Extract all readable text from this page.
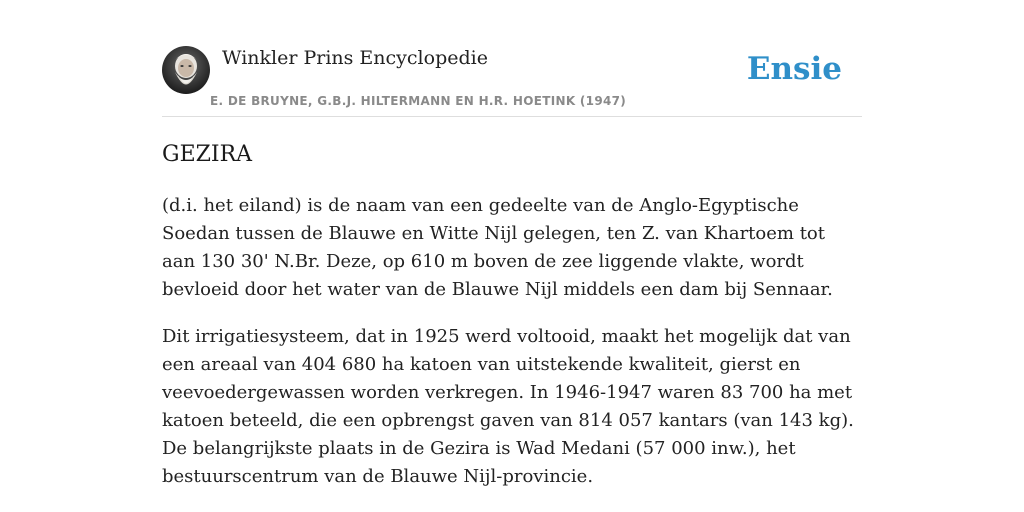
Winkler Prins Encyclopedie
E. DE BRUYNE, G.B.J. HILTERMANN EN H.R. HOETINK (1947)
Ensie
GEZIRA

(d.i. het eiland) is de naam van een gedeelte van de Anglo-Egyptische Soedan tussen de Blauwe en Witte Nijl gelegen, ten Z. van Khartoem tot aan 130 30' N.Br. Deze, op 610 m boven de zee liggende vlakte, wordt bevloeid door het water van de Blauwe Nijl middels een dam bij Sennaar.

Dit irrigatiesysteem, dat in 1925 werd voltooid, maakt het mogelijk dat van een areaal van 404 680 ha katoen van uitstekende kwaliteit, gierst en veevoedergewassen worden verkregen. In 1946-1947 waren 83 700 ha met katoen beteeld, die een opbrengst gaven van 814 057 kantars (van 143 kg). De belangrijkste plaats in de Gezira is Wad Medani (57 000 inw.), het bestuurscentrum van de Blauwe Nijl-provincie.
